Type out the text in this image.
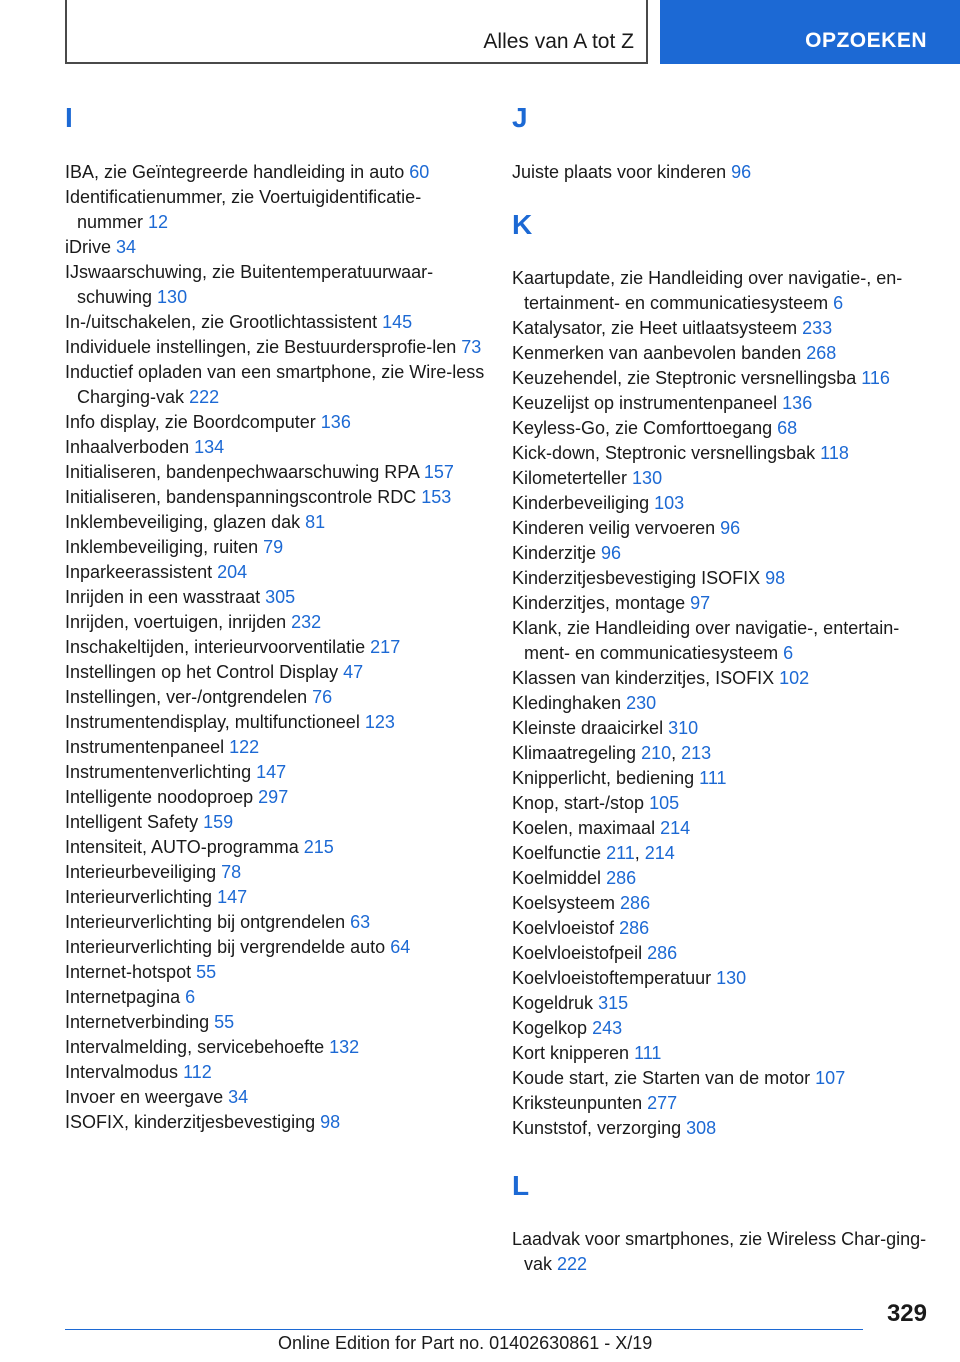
Alles van A tot Z	OPZOEKEN
I
IBA, zie Geïntegreerde handleiding in auto 60
Identificatienummer, zie Voertuigidentificatie‐nummer 12
iDrive 34
IJswaarschuwing, zie Buitentemperatuurwaar‐schuwing 130
In-/uitschakelen, zie Grootlichtassistent 145
Individuele instellingen, zie Bestuurdersprofie‐len 73
Inductief opladen van een smartphone, zie Wire‐less Charging-vak 222
Info display, zie Boordcomputer 136
Inhaalverboden 134
Initialiseren, bandenpechwaarschuwing RPA 157
Initialiseren, bandenspanningscontrole RDC 153
Inklembeveiliging, glazen dak 81
Inklembeveiliging, ruiten 79
Inparkeerassistent 204
Inrijden in een wasstraat 305
Inrijden, voertuigen, inrijden 232
Inschakeltijden, interieurvoorventilatie 217
Instellingen op het Control Display 47
Instellingen, ver-/ontgrendelen 76
Instrumentendisplay, multifunctioneel 123
Instrumentenpaneel 122
Instrumentenverlichting 147
Intelligente noodoproep 297
Intelligent Safety 159
Intensiteit, AUTO-programma 215
Interieurbeveiliging 78
Interieurverlichting 147
Interieurverlichting bij ontgrendelen 63
Interieurverlichting bij vergrendelde auto 64
Internet-hotspot 55
Internetpagina 6
Internetverbinding 55
Intervalmelding, servicebehoefte 132
Intervalmodus 112
Invoer en weergave 34
ISOFIX, kinderzitjesbevestiging 98
J
K
L
Juiste plaats voor kinderen 96
Kaartupdate, zie Handleiding over navigatie-, en‐tertainment- en communicatiesysteem 6
Katalysator, zie Heet uitlaatsysteem 233
Kenmerken van aanbevolen banden 268
Keuzehendel, zie Steptronic versnellingsba 116
Keuzelijst op instrumentenpaneel 136
Keyless-Go, zie Comforttoegang 68
Kick-down, Steptronic versnellingsbak 118
Kilometerteller 130
Kinderbeveiliging 103
Kinderen veilig vervoeren 96
Kinderzitje 96
Kinderzitjesbevestiging ISOFIX 98
Kinderzitjes, montage 97
Klank, zie Handleiding over navigatie-, entertain‐ment- en communicatiesysteem 6
Klassen van kinderzitjes, ISOFIX 102
Kledinghaken 230
Kleinste draaicirkel 310
Klimaatregeling 210, 213
Knipperlicht, bediening 111
Knop, start-/stop 105
Koelen, maximaal 214
Koelfunctie 211, 214
Koelmiddel 286
Koelsysteem 286
Koelvloeistof 286
Koelvloeistofpeil 286
Koelvloeistoftemperatuur 130
Kogeldruk 315
Kogelkop 243
Kort knipperen 111
Koude start, zie Starten van de motor 107
Kriksteunpunten 277
Kunststof, verzorging 308
Laadvak voor smartphones, zie Wireless Char‐ging-vak 222
329
Online Edition for Part no. 01402630861 - X/19
